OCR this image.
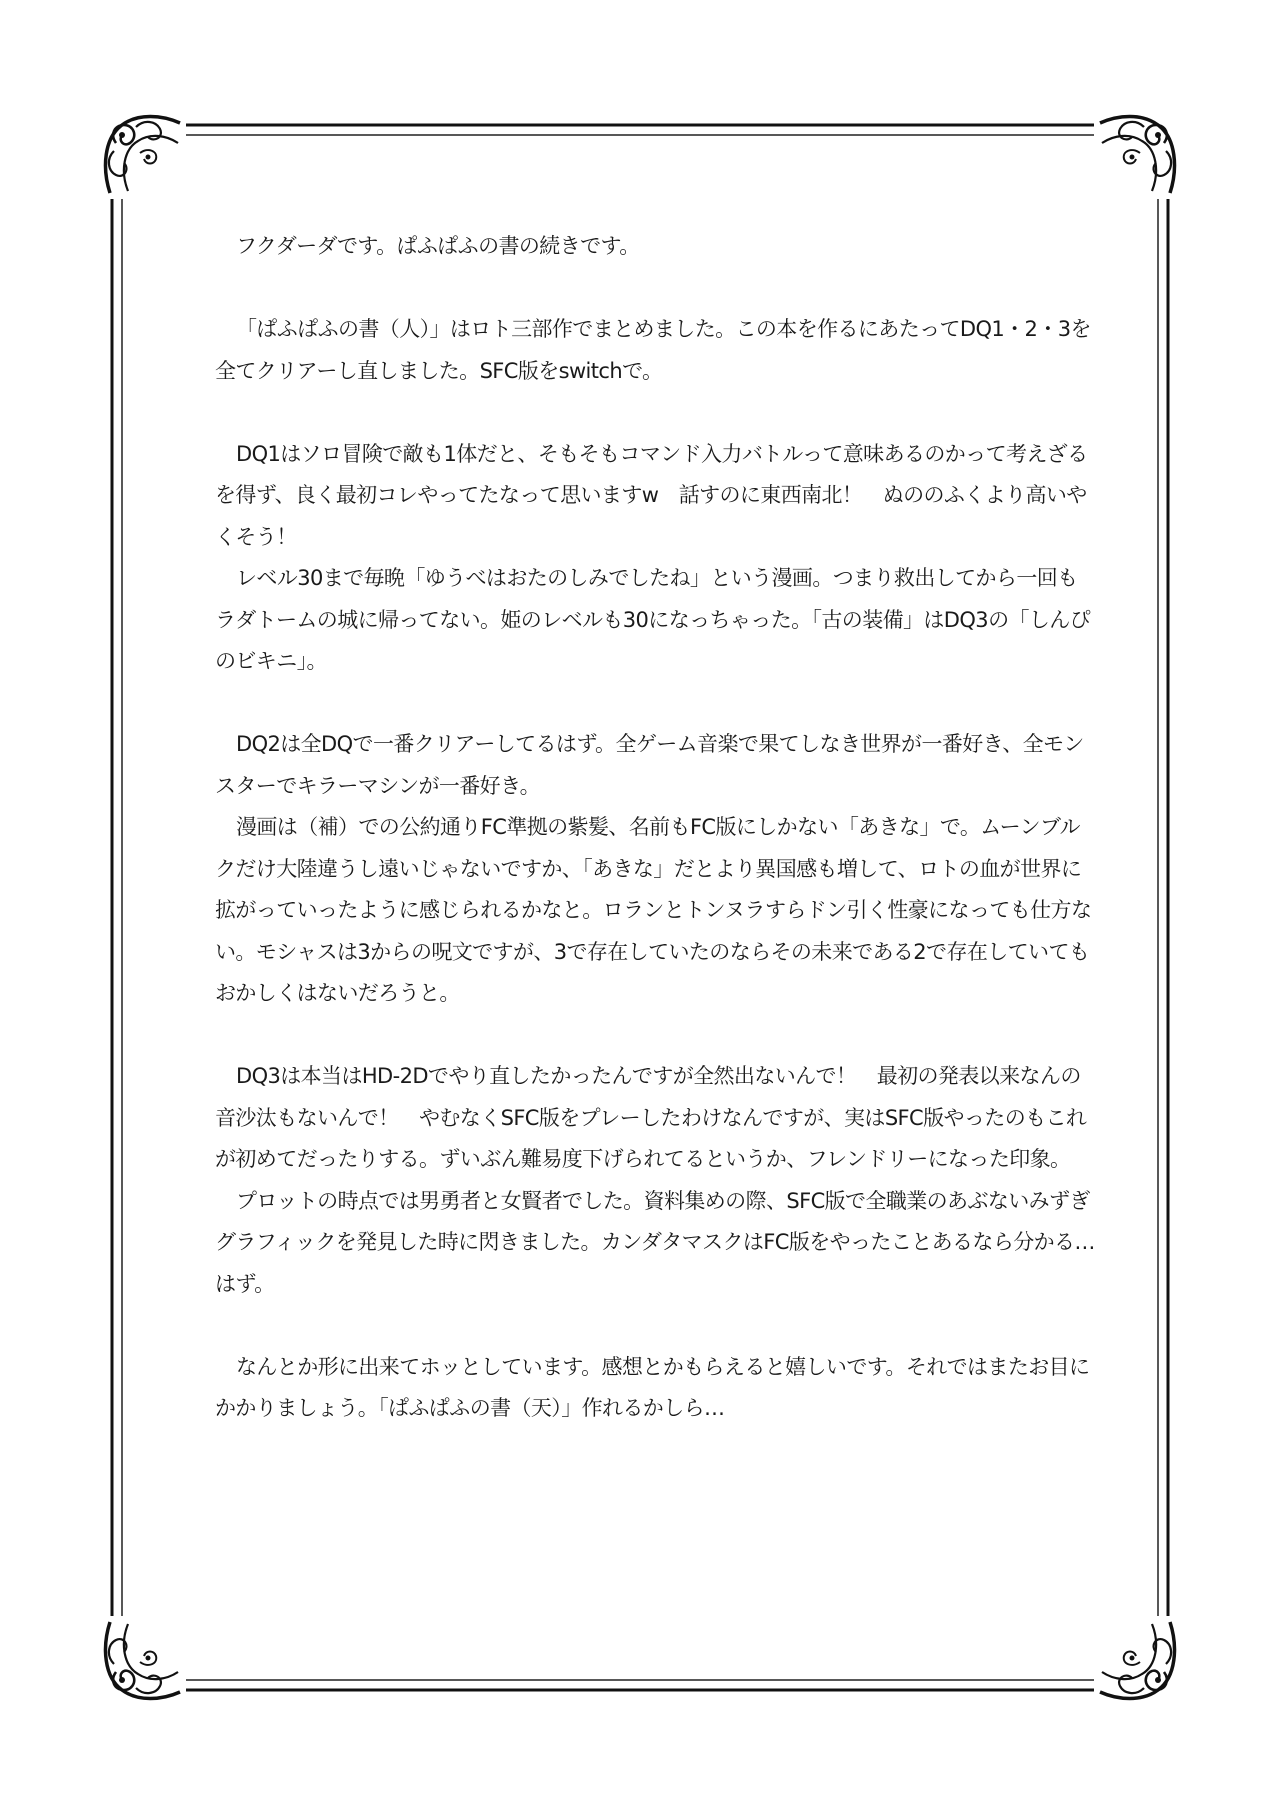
フクダーダです。ぱふぱふの書の続きです。

「ぱふぱふの書（人）」はロト三部作でまとめました。この本を作るにあたってDQ1・2・3を全てクリアーし直しました。SFC版をswitchで。

DQ1はソロ冒険で敵も1体だと、そもそもコマンド入力バトルって意味あるのかって考えざるを得ず、良く最初コレやってたなって思いますw　話すのに東西南北！　ぬののふくより高いやくそう！

レベル30まで毎晩「ゆうべはおたのしみでしたね」という漫画。つまり救出してから一回もラダトームの城に帰ってない。姫のレベルも30になっちゃった。「古の装備」はDQ3の「しんぴのビキニ」。

DQ2は全DQで一番クリアーしてるはず。全ゲーム音楽で果てしなき世界が一番好き、全モンスターでキラーマシンが一番好き。

漫画は（補）での公約通りFC準拠の紫髪、名前もFC版にしかない「あきな」で。ムーンブルクだけ大陸違うし遠いじゃないですか、「あきな」だとより異国感も増して、ロトの血が世界に拡がっていったように感じられるかなと。ロランとトンヌラすらドン引く性豪になっても仕方ない。モシャスは3からの呪文ですが、3で存在していたのならその未来である2で存在していてもおかしくはないだろうと。

DQ3は本当はHD-2Dでやり直したかったんですが全然出ないんで！　最初の発表以来なんの音沙汰もないんで！　やむなくSFC版をプレーしたわけなんですが、実はSFC版やったのもこれが初めてだったりする。ずいぶん難易度下げられてるというか、フレンドリーになった印象。

プロットの時点では男勇者と女賢者でした。資料集めの際、SFC版で全職業のあぶないみずぎグラフィックを発見した時に閃きました。カンダタマスクはFC版をやったことあるなら分かる…はず。

なんとか形に出来てホッとしています。感想とかもらえると嬉しいです。それではまたお目にかかりましょう。「ぱふぱふの書（天）」作れるかしら…
